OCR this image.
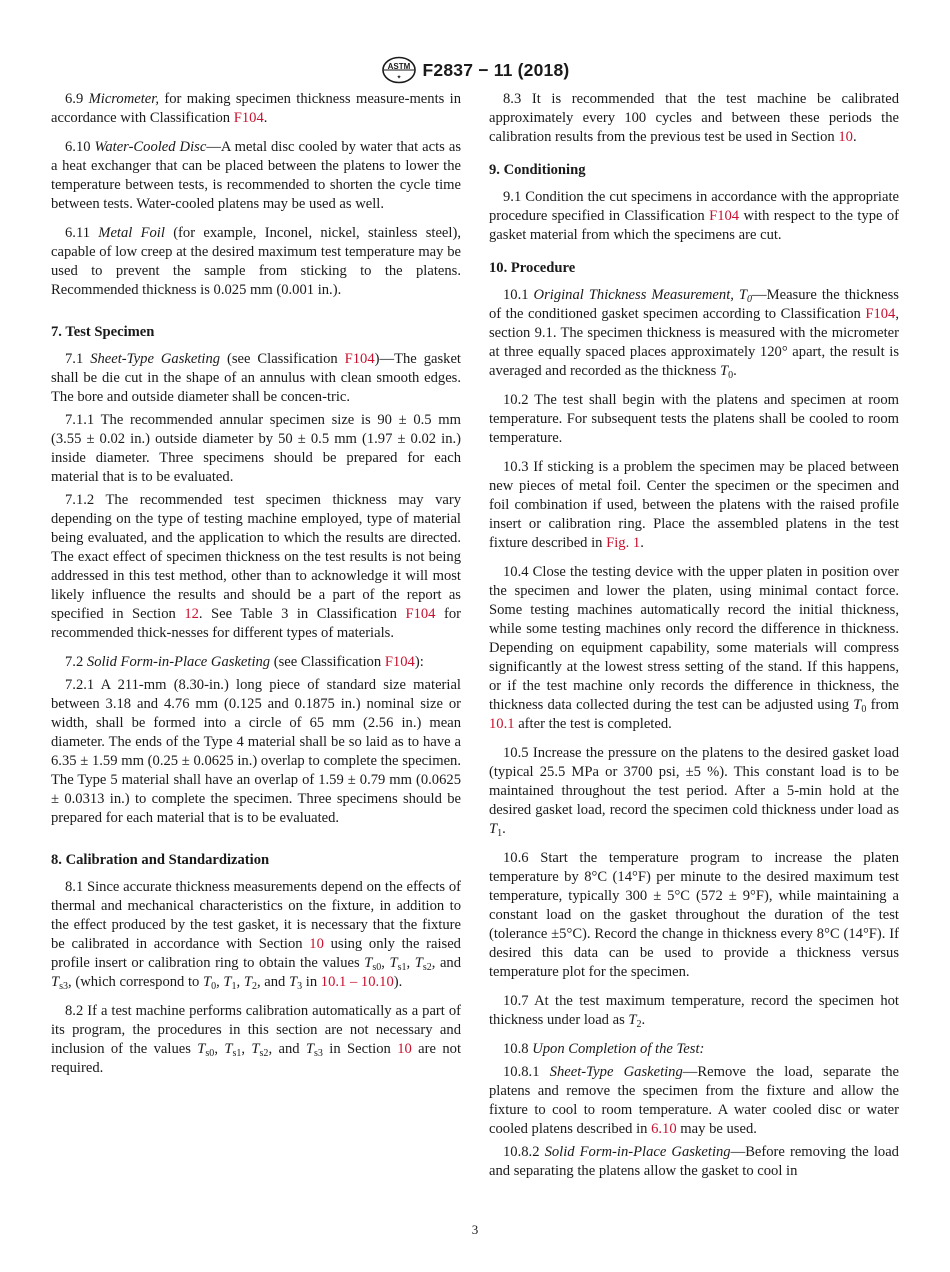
ASTM
✦ F2837 − 11 (2018)

6.9 Micrometer, for making specimen thickness measure-ments in accordance with Classification F104.

6.10 Water-Cooled Disc—A metal disc cooled by water that acts as a heat exchanger that can be placed between the platens to lower the temperature between tests, is recommended to shorten the cycle time between tests. Water-cooled platens may be used as well.

6.11 Metal Foil (for example, Inconel, nickel, stainless steel), capable of low creep at the desired maximum test temperature may be used to prevent the sample from sticking to the platens. Recommended thickness is 0.025 mm (0.001 in.).

7. Test Specimen

7.1 Sheet-Type Gasketing (see Classification F104)—The gasket shall be die cut in the shape of an annulus with clean smooth edges. The bore and outside diameter shall be concen-tric.

7.1.1 The recommended annular specimen size is 90 ± 0.5 mm (3.55 ± 0.02 in.) outside diameter by 50 ± 0.5 mm (1.97 ± 0.02 in.) inside diameter. Three specimens should be prepared for each material that is to be evaluated.

7.1.2 The recommended test specimen thickness may vary depending on the type of testing machine employed, type of material being evaluated, and the application to which the results are directed. The exact effect of specimen thickness on the test results is not being addressed in this test method, other than to acknowledge it will most likely influence the results and should be a part of the report as specified in Section 12. See Table 3 in Classification F104 for recommended thick-nesses for different types of materials.

7.2 Solid Form-in-Place Gasketing (see Classification F104):

7.2.1 A 211-mm (8.30-in.) long piece of standard size material between 3.18 and 4.76 mm (0.125 and 0.1875 in.) nominal size or width, shall be formed into a circle of 65 mm (2.56 in.) mean diameter. The ends of the Type 4 material shall be so laid as to have a 6.35 ± 1.59 mm (0.25 ± 0.0625 in.) overlap to complete the specimen. The Type 5 material shall have an overlap of 1.59 ± 0.79 mm (0.0625 ± 0.0313 in.) to complete the specimen. Three specimens should be prepared for each material that is to be evaluated.

8. Calibration and Standardization

8.1 Since accurate thickness measurements depend on the effects of thermal and mechanical characteristics on the fixture, in addition to the effect produced by the test gasket, it is necessary that the fixture be calibrated in accordance with Section 10 using only the raised profile insert or calibration ring to obtain the values $T_{s0}$, $T_{s1}$, $T_{s2}$, and $T_{s3}$, (which correspond to $T_0$, $T_1$, $T_2$, and $T_3$ in 10.1 – 10.10).

8.2 If a test machine performs calibration automatically as a part of its program, the procedures in this section are not necessary and inclusion of the values $T_{s0}$, $T_{s1}$, $T_{s2}$, and $T_{s3}$ in Section 10 are not required.

8.3 It is recommended that the test machine be calibrated approximately every 100 cycles and between these periods the calibration results from the previous test be used in Section 10.

9. Conditioning

9.1 Condition the cut specimens in accordance with the appropriate procedure specified in Classification F104 with respect to the type of gasket material from which the specimens are cut.

10. Procedure

10.1 Original Thickness Measurement, $T_0—Measure$ the thickness of the conditioned gasket specimen according to Classification F104, section 9.1. The specimen thickness is measured with the micrometer at three equally spaced places approximately 120° apart, the result is averaged and recorded as the thickness $T_0$.

10.2 The test shall begin with the platens and specimen at room temperature. For subsequent tests the platens shall be cooled to room temperature.

10.3 If sticking is a problem the specimen may be placed between new pieces of metal foil. Center the specimen or the specimen and foil combination if used, between the platens with the raised profile insert or calibration ring. Place the assembled platens in the test fixture described in Fig. 1.

10.4 Close the testing device with the upper platen in position over the specimen and lower the platen, using minimal contact force. Some testing machines automatically record the initial thickness, while some testing machines only record the difference in thickness. Depending on equipment capability, some materials will compress significantly at the lowest stress setting of the stand. If this happens, or if the test machine only records the difference in thickness, the thickness data collected during the test can be adjusted using $T_0$ from 10.1 after the test is completed.

10.5 Increase the pressure on the platens to the desired gasket load (typical 25.5 MPa or 3700 psi, ±5 %). This constant load is to be maintained throughout the test period. After a 5-min hold at the desired gasket load, record the specimen cold thickness under load as $T_1$.

10.6 Start the temperature program to increase the platen temperature by 8°C (14°F) per minute to the desired maximum test temperature, typically 300 ± 5°C (572 ± 9°F), while maintaining a constant load on the gasket throughout the duration of the test (tolerance ±5°C). Record the change in thickness every 8°C (14°F). If desired this data can be used to provide a thickness versus temperature plot for the specimen.

10.7 At the test maximum temperature, record the specimen hot thickness under load as $T_2$.

10.8 Upon Completion of the Test:

10.8.1 Sheet-Type Gasketing—Remove the load, separate the platens and remove the specimen from the fixture and allow the fixture to cool to room temperature. A water cooled disc or water cooled platens described in 6.10 may be used.

10.8.2 Solid Form-in-Place Gasketing—Before removing the load and separating the platens allow the gasket to cool in

3
